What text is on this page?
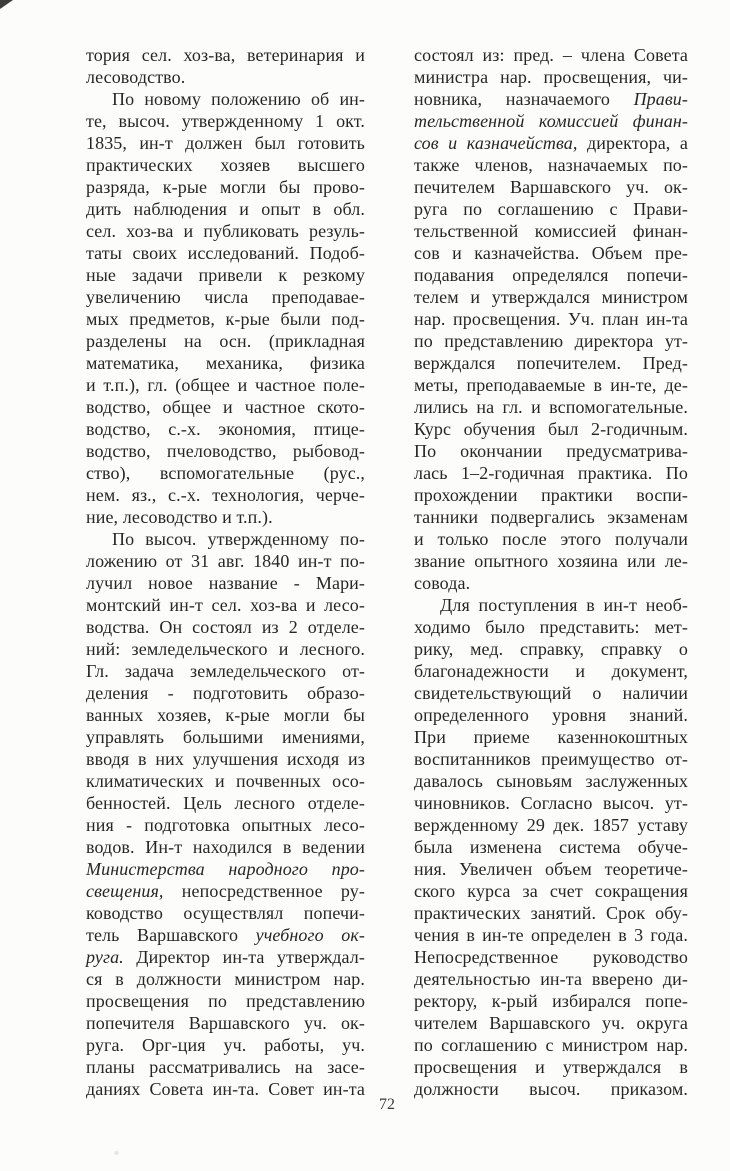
тория сел. хоз-ва, ветеринария и
лесоводство.
По новому положению об ин-
те, высоч. утвержденному 1 окт.
1835, ин-т должен был готовить
практических хозяев высшего
разряда, к-рые могли бы прово-
дить наблюдения и опыт в обл.
сел. хоз-ва и публиковать резуль-
таты своих исследований. Подоб-
ные задачи привели к резкому
увеличению числа преподавае-
мых предметов, к-рые были под-
разделены на осн. (прикладная
математика, механика, физика
и т.п.), гл. (общее и частное поле-
водство, общее и частное ското-
водство, с.-х. экономия, птице-
водство, пчеловодство, рыбовод-
ство), вспомогательные (рус.,
нем. яз., с.-х. технология, черче-
ние, лесоводство и т.п.).
По высоч. утвержденному по-
ложению от 31 авг. 1840 ин-т по-
лучил новое название - Мари-
монтский ин-т сел. хоз-ва и лесо-
водства. Он состоял из 2 отделе-
ний: земледельческого и лесного.
Гл. задача земледельческого от-
деления - подготовить образо-
ванных хозяев, к-рые могли бы
управлять большими имениями,
вводя в них улучшения исходя из
климатических и почвенных осо-
бенностей. Цель лесного отделе-
ния - подготовка опытных лесо-
водов. Ин-т находился в ведении
Министерства народного про-
свещения, непосредственное ру-
ководство осуществлял попечи-
тель Варшавского учебного ок-
руга. Директор ин-та утверждал-
ся в должности министром нар.
просвещения по представлению
попечителя Варшавского уч. ок-
руга. Орг-ция уч. работы, уч.
планы рассматривались на засе-
даниях Совета ин-та. Совет ин-та
состоял из: пред. – члена Совета
министра нар. просвещения, чи-
новника, назначаемого Прави-
тельственной комиссией финан-
сов и казначейства, директора, а
также членов, назначаемых по-
печителем Варшавского уч. ок-
руга по соглашению с Прави-
тельственной комиссией финан-
сов и казначейства. Объем пре-
подавания определялся попечи-
телем и утверждался министром
нар. просвещения. Уч. план ин-та
по представлению директора ут-
верждался попечителем. Пред-
меты, преподаваемые в ин-те, де-
лились на гл. и вспомогательные.
Курс обучения был 2-годичным.
По окончании предусматрива-
лась 1–2-годичная практика. По
прохождении практики воспи-
танники подвергались экзаменам
и только после этого получали
звание опытного хозяина или ле-
совода.
Для поступления в ин-т необ-
ходимо было представить: мет-
рику, мед. справку, справку о
благонадежности и документ,
свидетельствующий о наличии
определенного уровня знаний.
При приеме казеннокоштных
воспитанников преимущество от-
давалось сыновьям заслуженных
чиновников. Согласно высоч. ут-
вержденному 29 дек. 1857 уставу
была изменена система обуче-
ния. Увеличен объем теоретиче-
ского курса за счет сокращения
практических занятий. Срок обу-
чения в ин-те определен в 3 года.
Непосредственное руководство
деятельностью ин-та вверено ди-
ректору, к-рый избирался попе-
чителем Варшавского уч. округа
по соглашению с министром нар.
просвещения и утверждался в
должности высоч. приказом.
72
